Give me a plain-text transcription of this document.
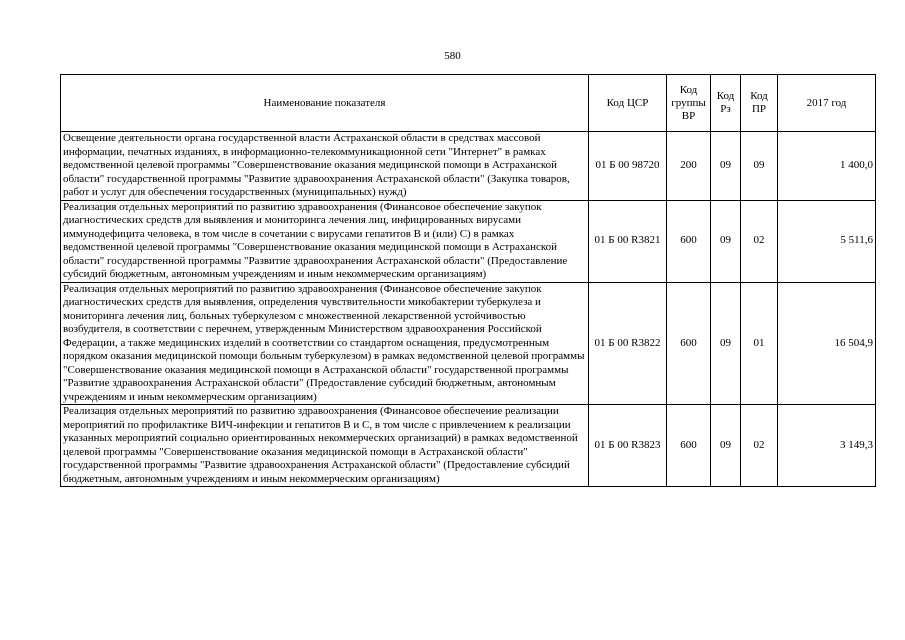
580
Наименование показателя	Код ЦСР	Код группы ВР	Код Рз	Код ПР	2017 год
Освещение деятельности органа государственной власти Астраханской области в средствах массовой информации, печатных изданиях, в информационно-телекоммуникационной сети "Интернет" в рамках ведомственной целевой программы "Совершенствование оказания медицинской помощи в Астраханской области" государственной программы "Развитие здравоохранения Астраханской области" (Закупка товаров, работ и услуг для обеспечения государственных (муниципальных) нужд)	01 Б 00 98720	200	09	09	1 400,0
Реализация отдельных мероприятий по развитию здравоохранения (Финансовое обеспечение закупок диагностических средств для выявления и мониторинга лечения лиц, инфицированных вирусами иммунодефицита человека, в том числе в сочетании с вирусами гепатитов В и (или) С) в рамках ведомственной целевой программы "Совершенствование оказания медицинской помощи в Астраханской области" государственной программы "Развитие здравоохранения Астраханской области" (Предоставление субсидий бюджетным, автономным учреждениям и иным некоммерческим организациям)	01 Б 00 R3821	600	09	02	5 511,6
Реализация отдельных мероприятий по развитию здравоохранения (Финансовое обеспечение закупок диагностических средств для выявления, определения чувствительности микобактерии туберкулеза и мониторинга лечения лиц, больных туберкулезом с множественной лекарственной устойчивостью возбудителя, в соответствии с перечнем, утвержденным Министерством здравоохранения Российской Федерации, а также медицинских изделий в соответствии со стандартом оснащения, предусмотренным порядком оказания медицинской помощи больным туберкулезом) в рамках ведомственной целевой программы "Совершенствование оказания медицинской помощи в Астраханской области" государственной программы "Развитие здравоохранения Астраханской области" (Предоставление субсидий бюджетным, автономным учреждениям и иным некоммерческим организациям)	01 Б 00 R3822	600	09	01	16 504,9
Реализация отдельных мероприятий по развитию здравоохранения (Финансовое обеспечение реализации мероприятий по профилактике ВИЧ-инфекции и гепатитов В и С, в том числе с привлечением к реализации указанных мероприятий социально ориентированных некоммерческих организаций) в рамках ведомственной целевой программы "Совершенствование оказания медицинской помощи в Астраханской области" государственной программы "Развитие здравоохранения Астраханской области" (Предоставление субсидий бюджетным, автономным учреждениям и иным некоммерческим организациям)	01 Б 00 R3823	600	09	02	3 149,3
